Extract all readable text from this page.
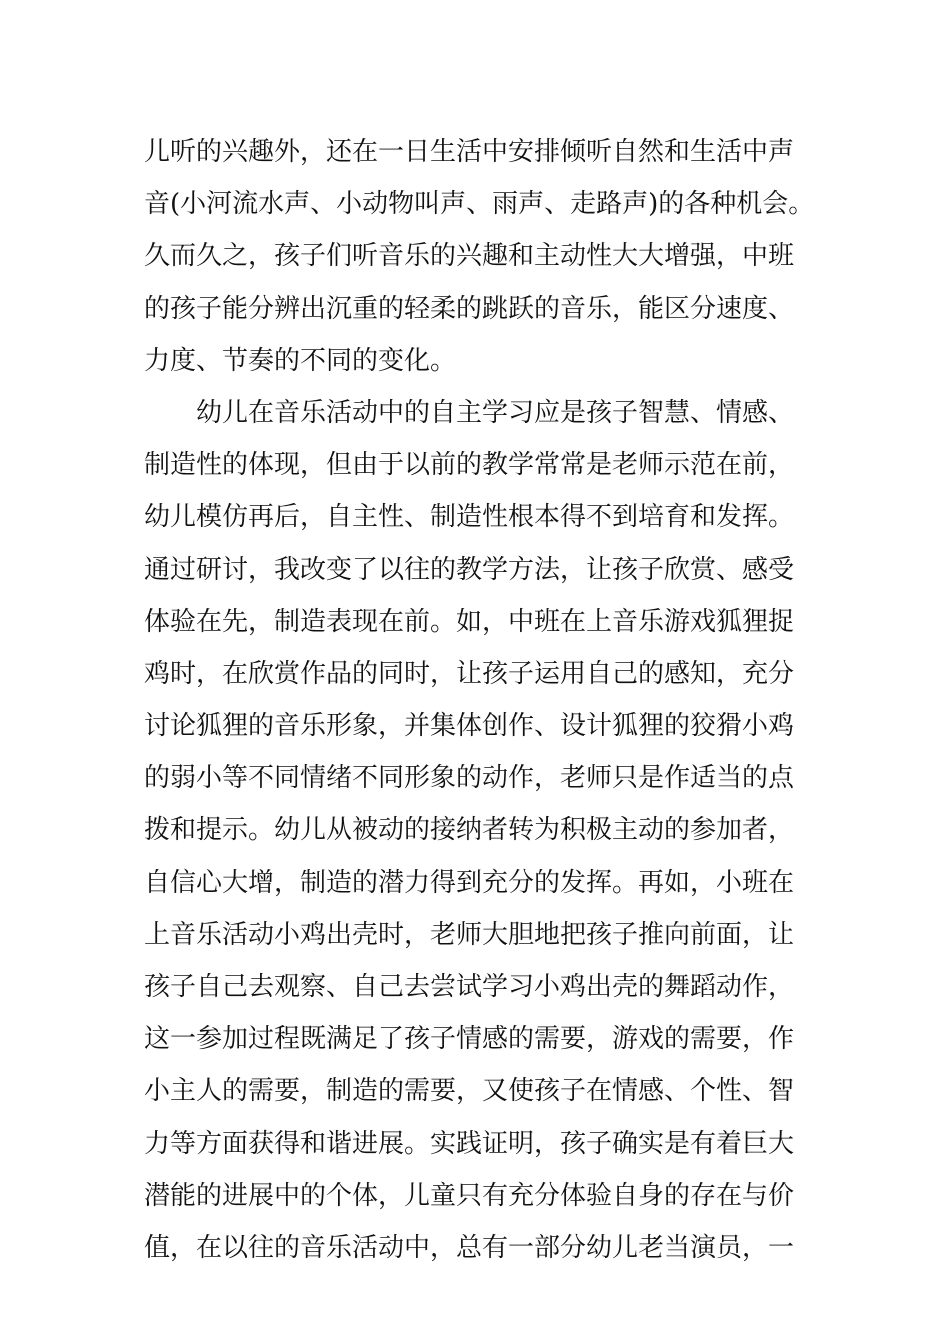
儿听的兴趣外，还在一日生活中安排倾听自然和生活中声
音(小河流水声、小动物叫声、雨声、走路声)的各种机会。
久而久之，孩子们听音乐的兴趣和主动性大大增强，中班
的孩子能分辨出沉重的轻柔的跳跃的音乐，能区分速度、
力度、节奏的不同的变化。
幼儿在音乐活动中的自主学习应是孩子智慧、情感、
制造性的体现，但由于以前的教学常常是老师示范在前，
幼儿模仿再后，自主性、制造性根本得不到培育和发挥。
通过研讨，我改变了以往的教学方法，让孩子欣赏、感受
体验在先，制造表现在前。如，中班在上音乐游戏狐狸捉
鸡时，在欣赏作品的同时，让孩子运用自己的感知，充分
讨论狐狸的音乐形象，并集体创作、设计狐狸的狡猾小鸡
的弱小等不同情绪不同形象的动作，老师只是作适当的点
拨和提示。幼儿从被动的接纳者转为积极主动的参加者，
自信心大增，制造的潜力得到充分的发挥。再如，小班在
上音乐活动小鸡出壳时，老师大胆地把孩子推向前面，让
孩子自己去观察、自己去尝试学习小鸡出壳的舞蹈动作，
这一参加过程既满足了孩子情感的需要，游戏的需要，作
小主人的需要，制造的需要，又使孩子在情感、个性、智
力等方面获得和谐进展。实践证明，孩子确实是有着巨大
潜能的进展中的个体，儿童只有充分体验自身的存在与价
值，在以往的音乐活动中，总有一部分幼儿老当演员，一
